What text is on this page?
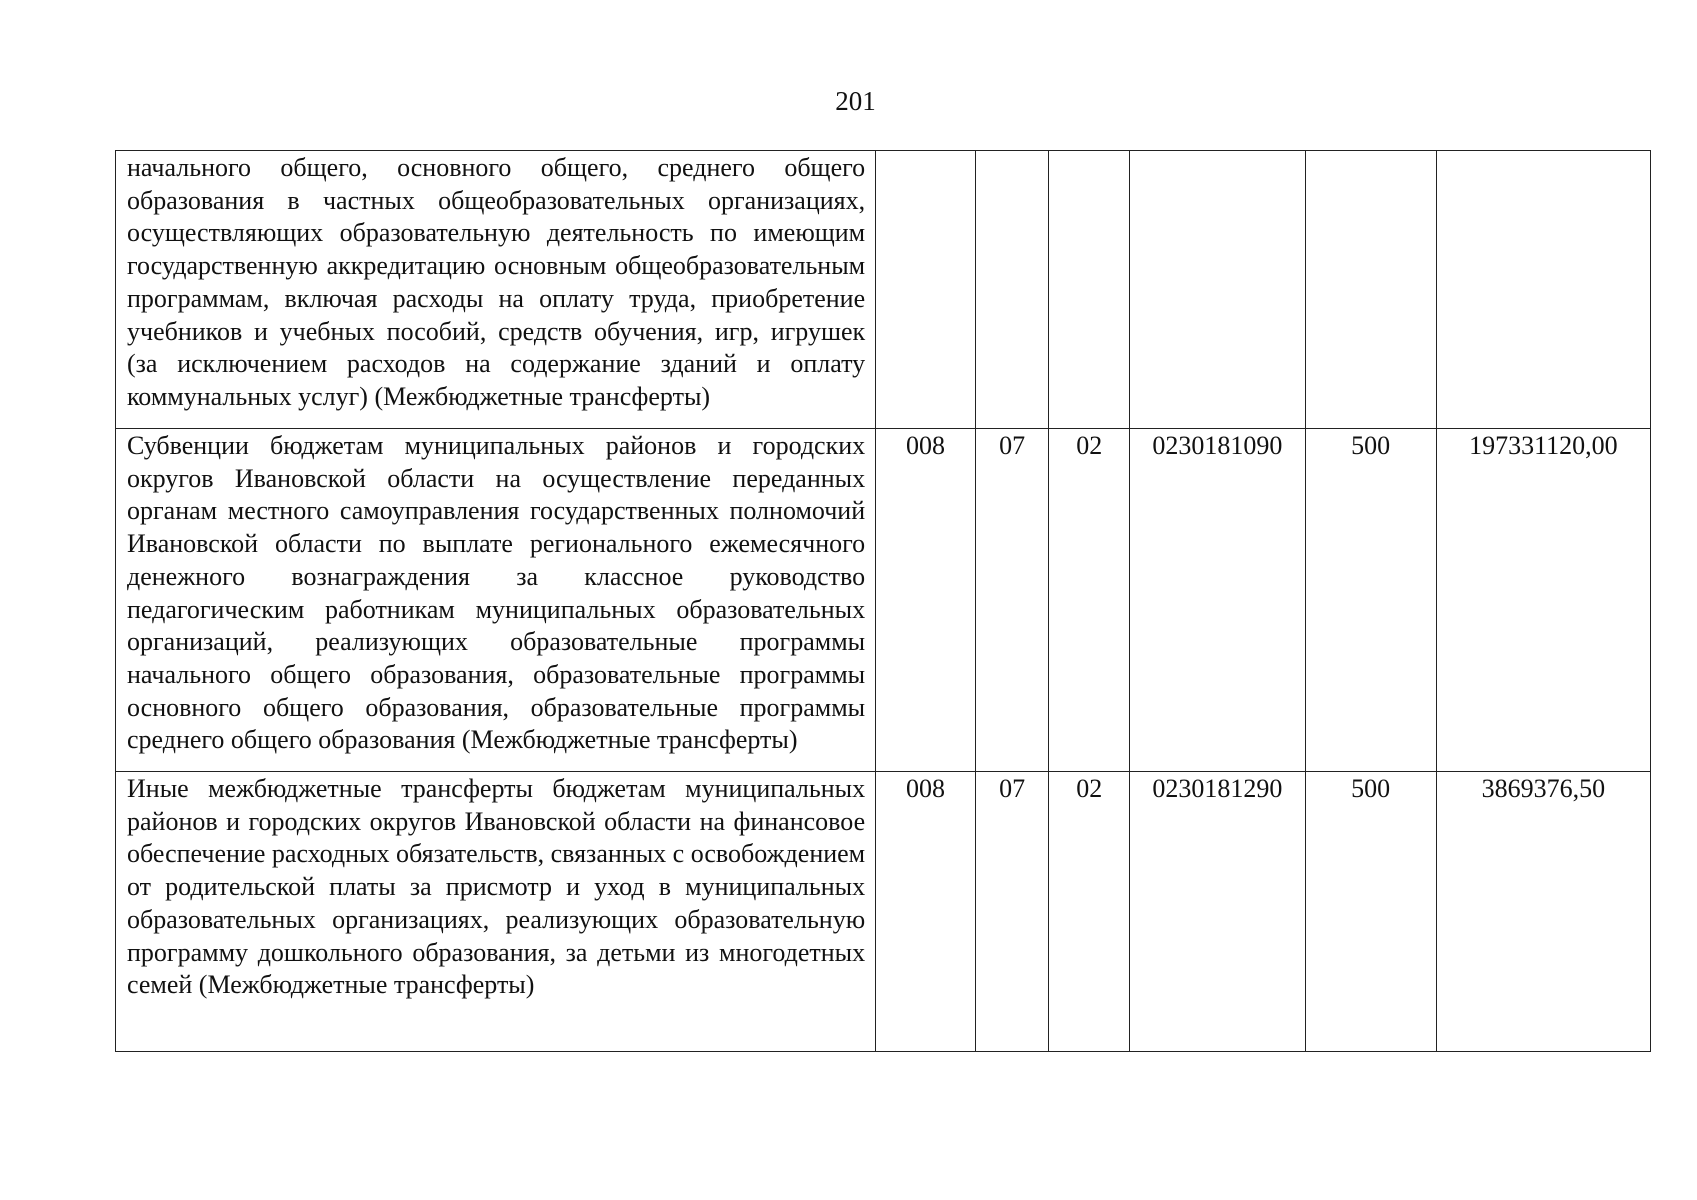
201
начального общего, основного общего, среднего общего образования в частных общеобразовательных организациях, осуществляющих образовательную деятельность по имеющим государственную аккредитацию основным общеобразовательным программам, включая расходы на оплату труда, приобретение учебников и учебных пособий, средств обучения, игр, игрушек (за исключением расходов на содержание зданий и оплату коммунальных услуг) (Межбюджетные трансферты)						
Субвенции бюджетам муниципальных районов и городских округов Ивановской области на осуществление переданных органам местного самоуправления государственных полномочий Ивановской области по выплате регионального ежемесячного денежного вознаграждения за классное руководство педагогическим работникам муниципальных образовательных организаций, реализующих образовательные программы начального общего образования, образовательные программы основного общего образования, образовательные программы среднего общего образования (Межбюджетные трансферты)	008	07	02	0230181090	500	197331120,00
Иные межбюджетные трансферты бюджетам муниципальных районов и городских округов Ивановской области на финансовое обеспечение расходных обязательств, связанных с освобождением от родительской платы за присмотр и уход в муниципальных образовательных организациях, реализующих образовательную программу дошкольного образования, за детьми из многодетных семей (Межбюджетные трансферты)	008	07	02	0230181290	500	3869376,50
